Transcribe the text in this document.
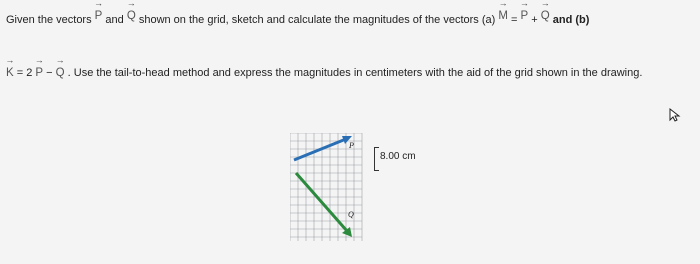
Given the vectors
→
P and
→
Q shown on the grid, sketch and calculate the magnitudes of the vectors (a)
→
M =
→
P +
→
Q and (b)
→
K = 2
→
P −
→
Q . Use the tail-to-head method and express the magnitudes in centimeters with the aid of the grid shown in the drawing.
P
Q
8.00 cm
